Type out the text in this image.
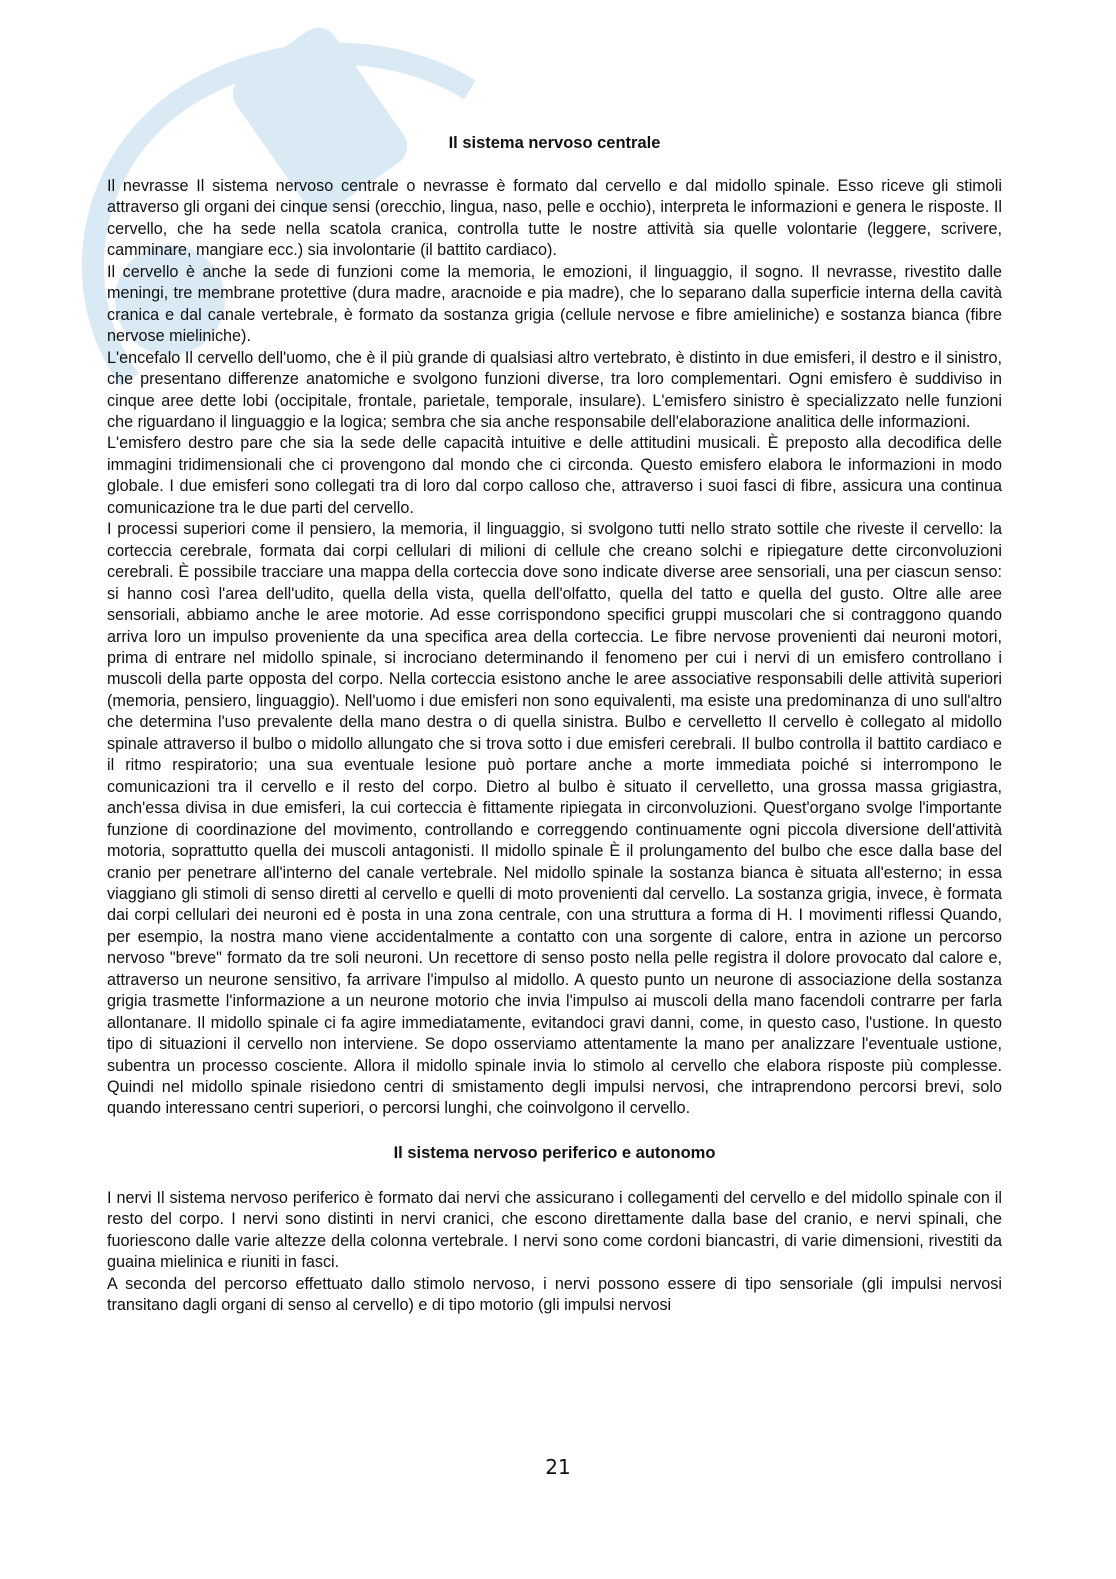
Il sistema nervoso centrale

Il nevrasse Il sistema nervoso centrale o nevrasse è formato dal cervello e dal midollo spinale. Esso riceve gli stimoli attraverso gli organi dei cinque sensi (orecchio, lingua, naso, pelle e occhio), interpreta le informazioni e genera le risposte. Il cervello, che ha sede nella scatola cranica, controlla tutte le nostre attività sia quelle volontarie (leggere, scrivere, camminare, mangiare ecc.) sia involontarie (il battito cardiaco).

Il cervello è anche la sede di funzioni come la memoria, le emozioni, il linguaggio, il sogno. Il nevrasse, rivestito dalle meningi, tre membrane protettive (dura madre, aracnoide e pia madre), che lo separano dalla superficie interna della cavità cranica e dal canale vertebrale, è formato da sostanza grigia (cellule nervose e fibre amieliniche) e sostanza bianca (fibre nervose mieliniche).

L'encefalo Il cervello dell'uomo, che è il più grande di qualsiasi altro vertebrato, è distinto in due emisferi, il destro e il sinistro, che presentano differenze anatomiche e svolgono funzioni diverse, tra loro complementari. Ogni emisfero è suddiviso in cinque aree dette lobi (occipitale, frontale, parietale, temporale, insulare). L'emisfero sinistro è specializzato nelle funzioni che riguardano il linguaggio e la logica; sembra che sia anche responsabile dell'elaborazione analitica delle informazioni.

L'emisfero destro pare che sia la sede delle capacità intuitive e delle attitudini musicali. È preposto alla decodifica delle immagini tridimensionali che ci provengono dal mondo che ci circonda. Questo emisfero elabora le informazioni in modo globale. I due emisferi sono collegati tra di loro dal corpo calloso che, attraverso i suoi fasci di fibre, assicura una continua comunicazione tra le due parti del cervello.

I processi superiori come il pensiero, la memoria, il linguaggio, si svolgono tutti nello strato sottile che riveste il cervello: la corteccia cerebrale, formata dai corpi cellulari di milioni di cellule che creano solchi e ripiegature dette circonvoluzioni cerebrali. È possibile tracciare una mappa della corteccia dove sono indicate diverse aree sensoriali, una per ciascun senso: si hanno così l'area dell'udito, quella della vista, quella dell'olfatto, quella del tatto e quella del gusto. Oltre alle aree sensoriali, abbiamo anche le aree motorie. Ad esse corrispondono specifici gruppi muscolari che si contraggono quando arriva loro un impulso proveniente da una specifica area della corteccia. Le fibre nervose provenienti dai neuroni motori, prima di entrare nel midollo spinale, si incrociano determinando il fenomeno per cui i nervi di un emisfero controllano i muscoli della parte opposta del corpo. Nella corteccia esistono anche le aree associative responsabili delle attività superiori (memoria, pensiero, linguaggio). Nell'uomo i due emisferi non sono equivalenti, ma esiste una predominanza di uno sull'altro che determina l'uso prevalente della mano destra o di quella sinistra. Bulbo e cervelletto Il cervello è collegato al midollo spinale attraverso il bulbo o midollo allungato che si trova sotto i due emisferi cerebrali. Il bulbo controlla il battito cardiaco e il ritmo respiratorio; una sua eventuale lesione può portare anche a morte immediata poiché si interrompono le comunicazioni tra il cervello e il resto del corpo. Dietro al bulbo è situato il cervelletto, una grossa massa grigiastra, anch'essa divisa in due emisferi, la cui corteccia è fittamente ripiegata in circonvoluzioni. Quest'organo svolge l'importante funzione di coordinazione del movimento, controllando e correggendo continuamente ogni piccola diversione dell'attività motoria, soprattutto quella dei muscoli antagonisti. Il midollo spinale È il prolungamento del bulbo che esce dalla base del cranio per penetrare all'interno del canale vertebrale. Nel midollo spinale la sostanza bianca è situata all'esterno; in essa viaggiano gli stimoli di senso diretti al cervello e quelli di moto provenienti dal cervello. La sostanza grigia, invece, è formata dai corpi cellulari dei neuroni ed è posta in una zona centrale, con una struttura a forma di H. I movimenti riflessi Quando, per esempio, la nostra mano viene accidentalmente a contatto con una sorgente di calore, entra in azione un percorso nervoso "breve" formato da tre soli neuroni. Un recettore di senso posto nella pelle registra il dolore provocato dal calore e, attraverso un neurone sensitivo, fa arrivare l'impulso al midollo. A questo punto un neurone di associazione della sostanza grigia trasmette l'informazione a un neurone motorio che invia l'impulso ai muscoli della mano facendoli contrarre per farla allontanare. Il midollo spinale ci fa agire immediatamente, evitandoci gravi danni, come, in questo caso, l'ustione. In questo tipo di situazioni il cervello non interviene. Se dopo osserviamo attentamente la mano per analizzare l'eventuale ustione, subentra un processo cosciente. Allora il midollo spinale invia lo stimolo al cervello che elabora risposte più complesse. Quindi nel midollo spinale risiedono centri di smistamento degli impulsi nervosi, che intraprendono percorsi brevi, solo quando interessano centri superiori, o percorsi lunghi, che coinvolgono il cervello.

Il sistema nervoso periferico e autonomo

I nervi Il sistema nervoso periferico è formato dai nervi che assicurano i collegamenti del cervello e del midollo spinale con il resto del corpo. I nervi sono distinti in nervi cranici, che escono direttamente dalla base del cranio, e nervi spinali, che fuoriescono dalle varie altezze della colonna vertebrale. I nervi sono come cordoni biancastri, di varie dimensioni, rivestiti da guaina mielinica e riuniti in fasci.

A seconda del percorso effettuato dallo stimolo nervoso, i nervi possono essere di tipo sensoriale (gli impulsi nervosi transitano dagli organi di senso al cervello) e di tipo motorio (gli impulsi nervosi

21
